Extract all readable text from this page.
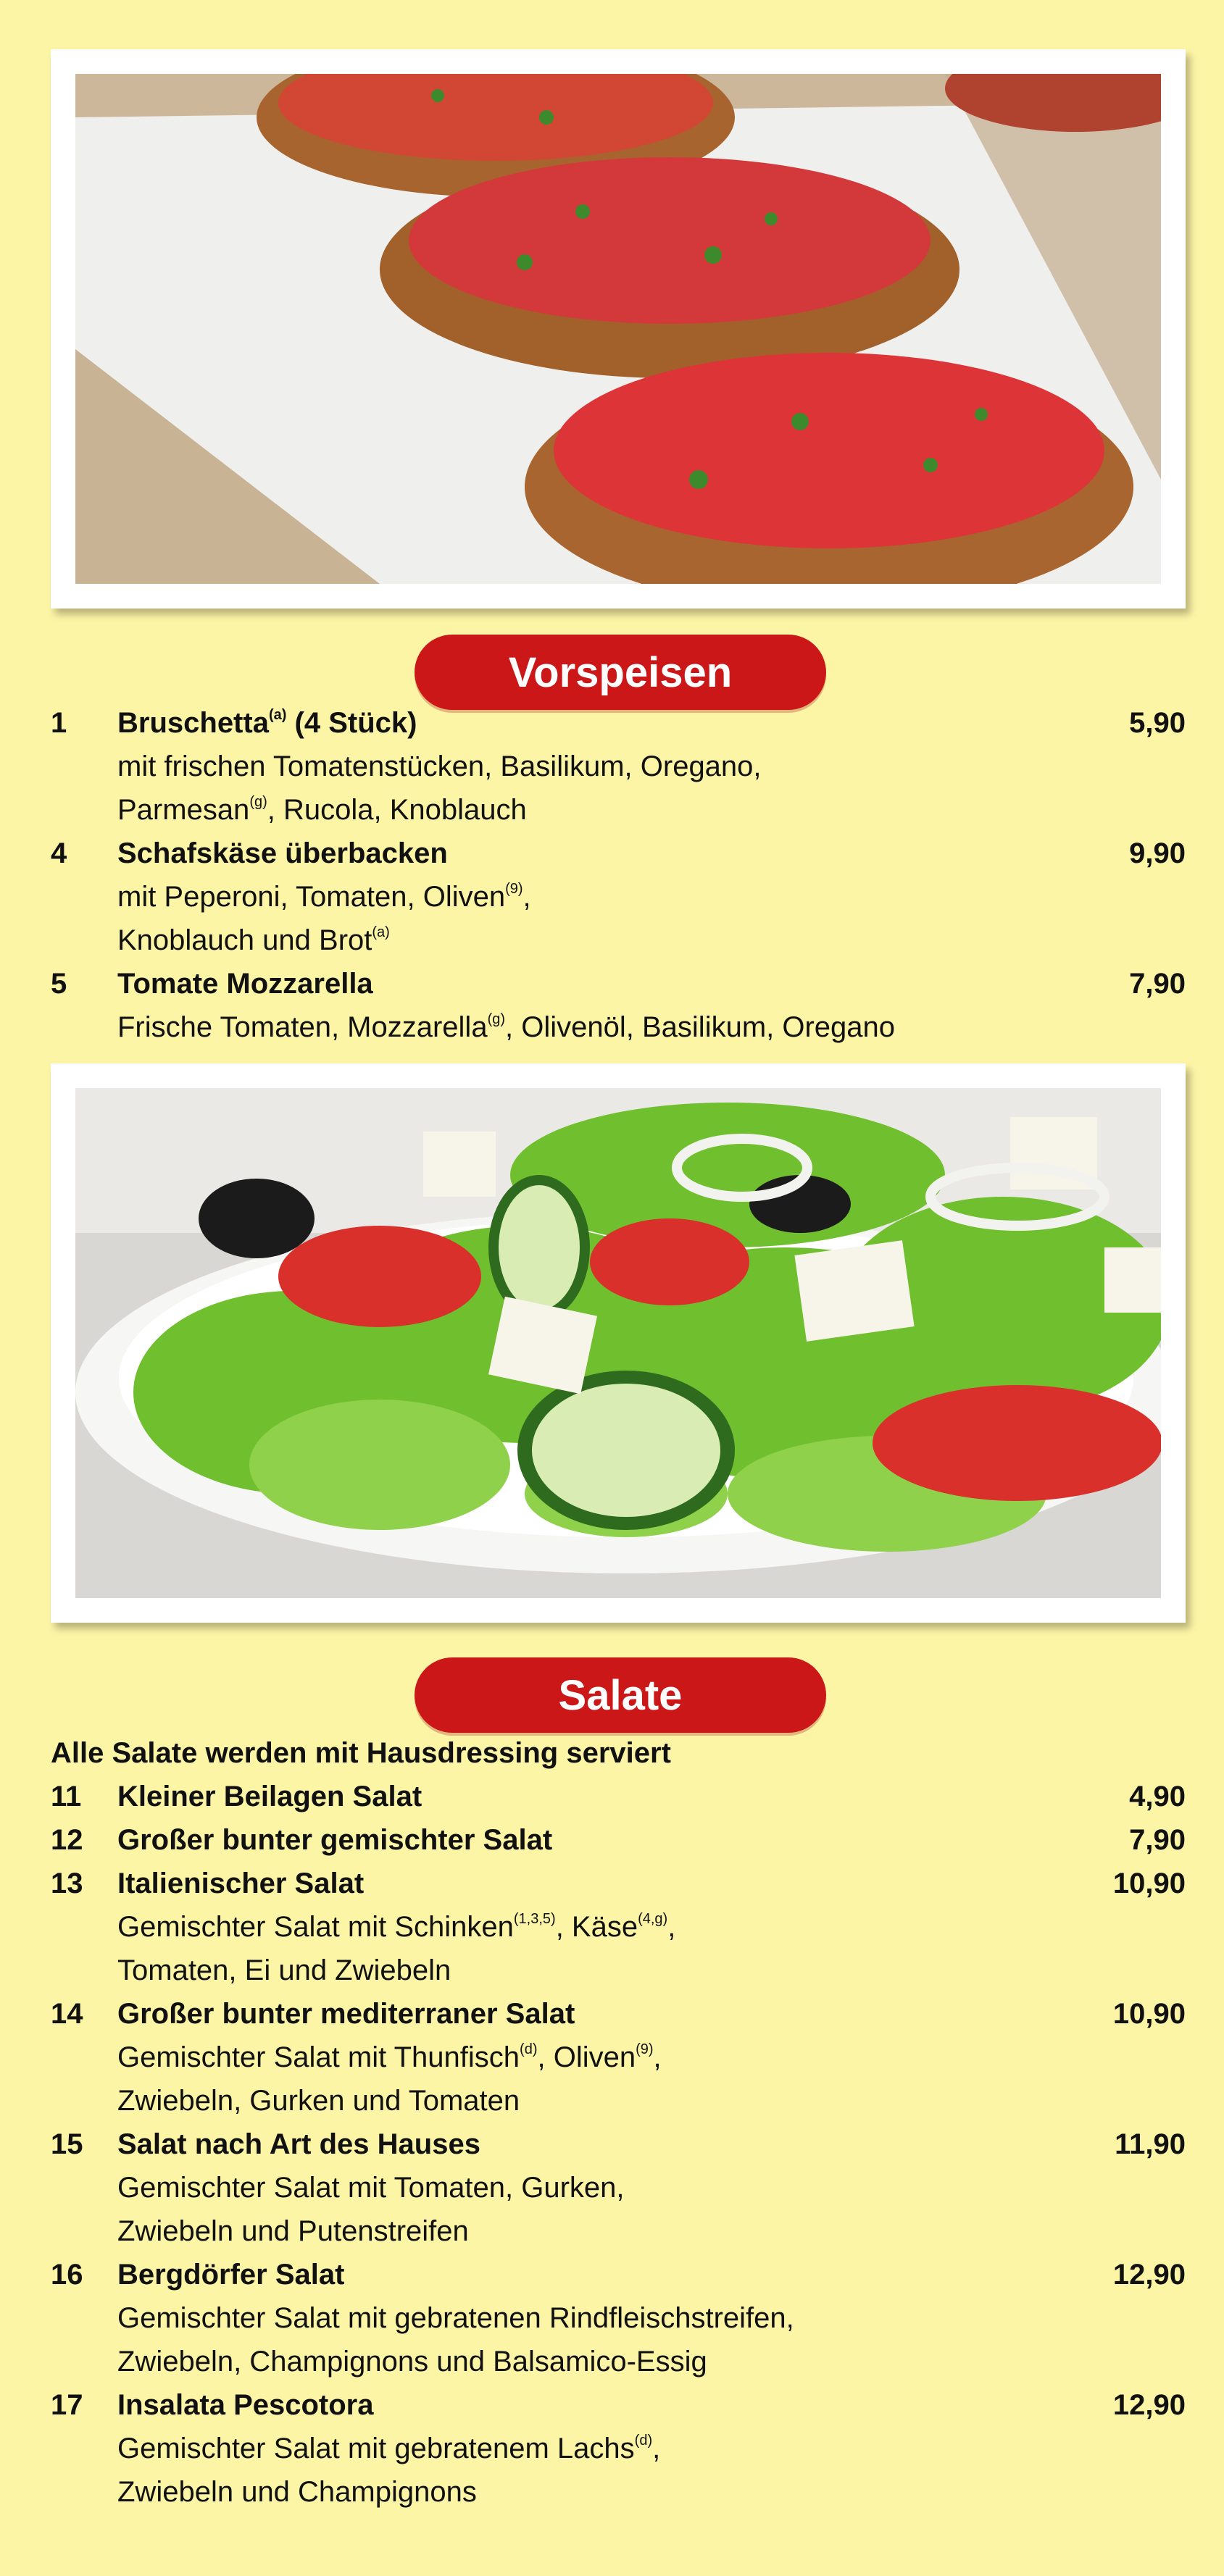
Vorspeisen
1 Bruschetta$^{(a)}$ (4 Stück)	5,90
mit frischen Tomatenstücken, Basilikum, Oregano,
Parmesan$^{(g)}$, Rucola, Knoblauch
4 Schafskäse überbacken	9,90
mit Peperoni, Tomaten, Oliven$^{(9)}$,
Knoblauch und Brot$^{(a)}$
5 Tomate Mozzarella	7,90
Frische Tomaten, Mozzarella$^{(g)}$, Olivenöl, Basilikum, Oregano
Salate
Alle Salate werden mit Hausdressing serviert
11 Kleiner Beilagen Salat	4,90
12 Großer bunter gemischter Salat	7,90
13 Italienischer Salat	10,90
Gemischter Salat mit Schinken$^{(1,3,5)}$, Käse$^{(4,g)}$,
Tomaten, Ei und Zwiebeln
14 Großer bunter mediterraner Salat	10,90
Gemischter Salat mit Thunfisch$^{(d)}$, Oliven$^{(9)}$,
Zwiebeln, Gurken und Tomaten
15 Salat nach Art des Hauses	11,90
Gemischter Salat mit Tomaten, Gurken,
Zwiebeln und Putenstreifen
16 Bergdörfer Salat	12,90
Gemischter Salat mit gebratenen Rindfleischstreifen,
Zwiebeln, Champignons und Balsamico-Essig
17 Insalata Pescotora	12,90
Gemischter Salat mit gebratenem Lachs$^{(d)}$,
Zwiebeln und Champignons
